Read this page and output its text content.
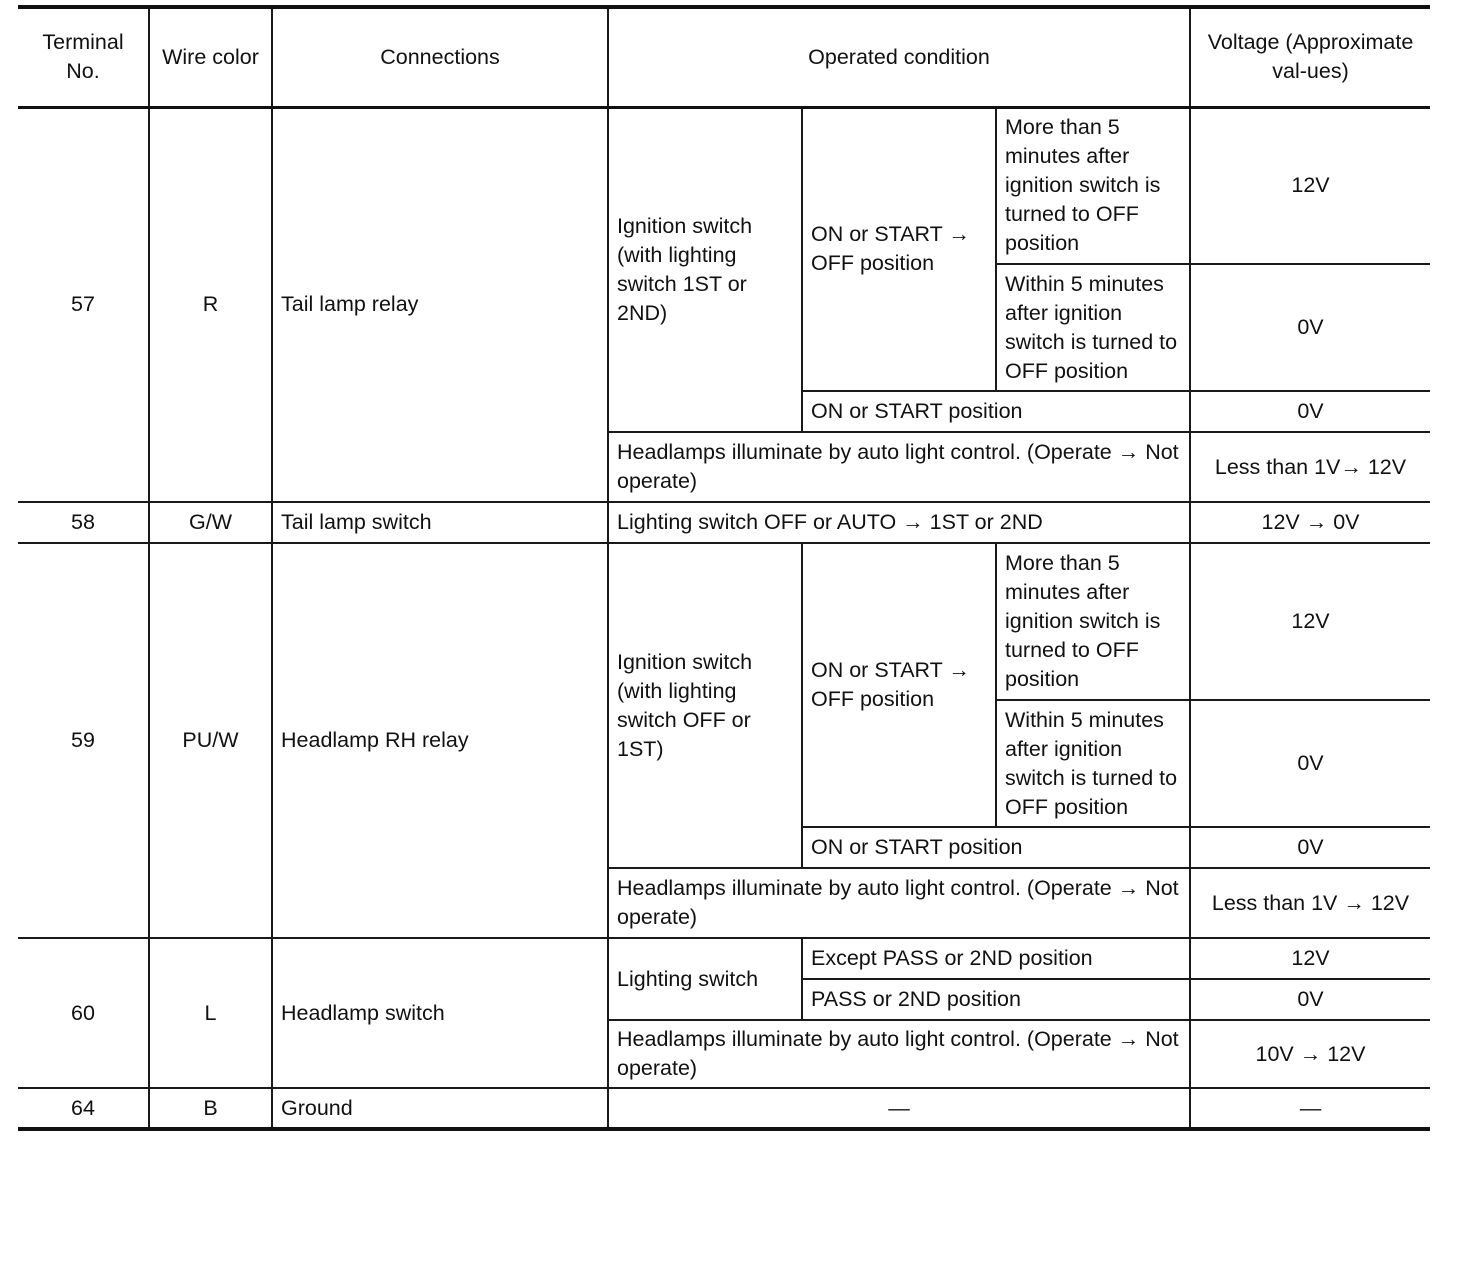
Terminal No.	Wire color	Connections	Operated condition			Voltage (Approximate val-ues)
57	R	Tail lamp relay	Ignition switch (with lighting switch 1ST or 2ND)	ON or START → OFF position	More than 5 minutes after ignition switch is turned to OFF position	12V
					Within 5 minutes after ignition switch is turned to OFF position	0V
				ON or START position		0V
			Headlamps illuminate by auto light control. (Operate → Not operate)			Less than 1V→ 12V
58	G/W	Tail lamp switch	Lighting switch OFF or AUTO → 1ST or 2ND			12V → 0V
59	PU/W	Headlamp RH relay	Ignition switch (with lighting switch OFF or 1ST)	ON or START → OFF position	More than 5 minutes after ignition switch is turned to OFF position	12V
					Within 5 minutes after ignition switch is turned to OFF position	0V
				ON or START position		0V
			Headlamps illuminate by auto light control. (Operate → Not operate)			Less than 1V → 12V
60	L	Headlamp switch	Lighting switch	Except PASS or 2ND position		12V
				PASS or 2ND position		0V
			Headlamps illuminate by auto light control. (Operate → Not operate)			10V → 12V
64	B	Ground	—			—
